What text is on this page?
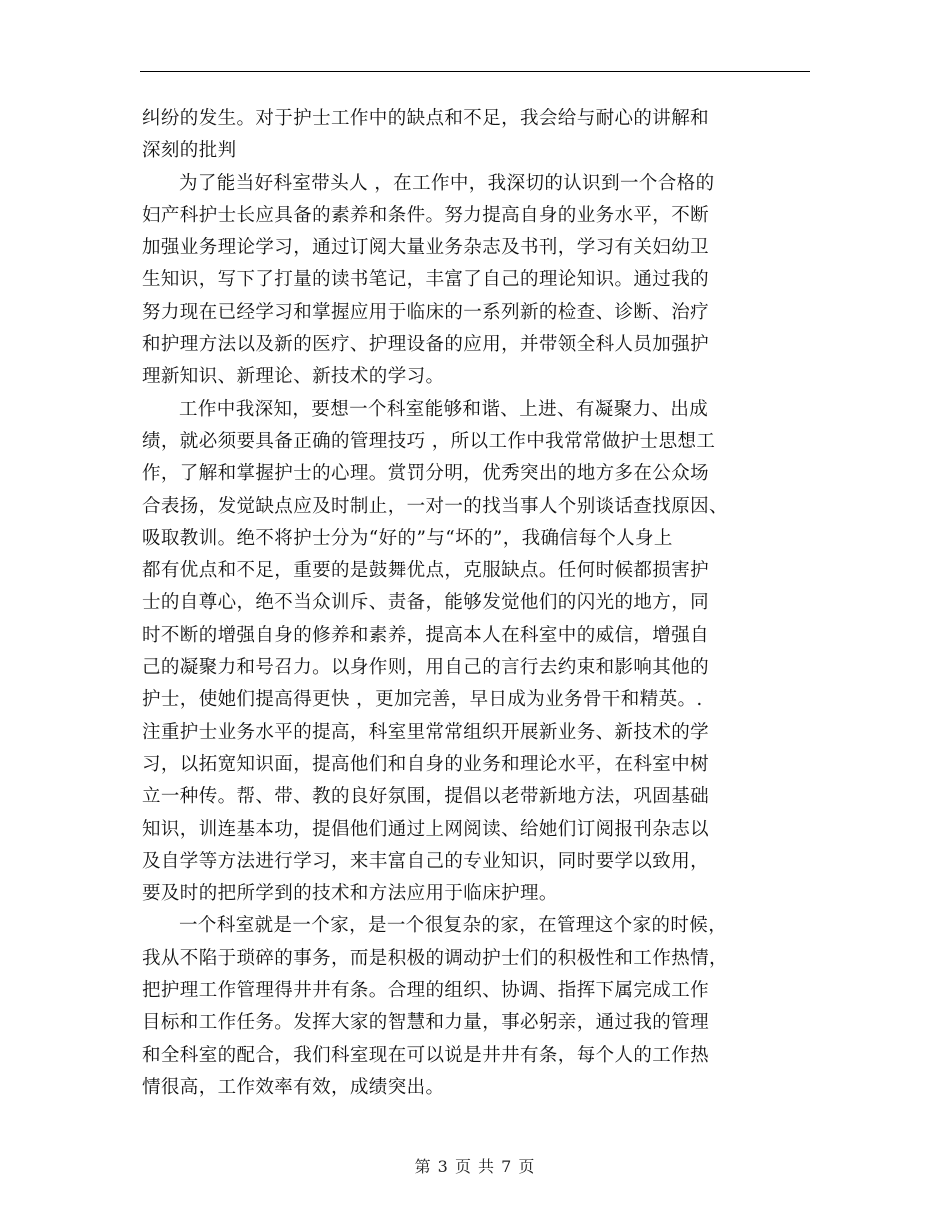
纠纷的发生。对于护士工作中的缺点和不足，我会给与耐心的讲解和
深刻的批判

为了能当好科室带头人 ，在工作中，我深切的认识到一个合格的
妇产科护士长应具备的素养和条件。努力提高自身的业务水平，不断
加强业务理论学习，通过订阅大量业务杂志及书刊，学习有关妇幼卫
生知识，写下了打量的读书笔记，丰富了自己的理论知识。通过我的
努力现在已经学习和掌握应用于临床的一系列新的检查、诊断、治疗
和护理方法以及新的医疗、护理设备的应用，并带领全科人员加强护
理新知识、新理论、新技术的学习。

工作中我深知，要想一个科室能够和谐、上进、有凝聚力、出成
绩，就必须要具备正确的管理技巧 ，所以工作中我常常做护士思想工
作，了解和掌握护士的心理。赏罚分明，优秀突出的地方多在公众场
合表扬，发觉缺点应及时制止，一对一的找当事人个别谈话查找原因、
吸取教训。绝不将护士分为“好的”与“坏的”，我确信每个人身上
都有优点和不足，重要的是鼓舞优点，克服缺点。任何时候都损害护
士的自尊心，绝不当众训斥、责备，能够发觉他们的闪光的地方，同
时不断的增强自身的修养和素养，提高本人在科室中的威信，增强自
己的凝聚力和号召力。以身作则，用自己的言行去约束和影响其他的
护士，使她们提高得更快 ，更加完善，早日成为业务骨干和精英。.
注重护士业务水平的提高，科室里常常组织开展新业务、新技术的学
习，以拓宽知识面，提高他们和自身的业务和理论水平，在科室中树
立一种传。帮、带、教的良好氛围，提倡以老带新地方法，巩固基础
知识，训连基本功，提倡他们通过上网阅读、给她们订阅报刊杂志以
及自学等方法进行学习，来丰富自己的专业知识，同时要学以致用，
要及时的把所学到的技术和方法应用于临床护理。

一个科室就是一个家，是一个很复杂的家，在管理这个家的时候，
我从不陷于琐碎的事务，而是积极的调动护士们的积极性和工作热情，
把护理工作管理得井井有条。合理的组织、协调、指挥下属完成工作
目标和工作任务。发挥大家的智慧和力量，事必躬亲，通过我的管理
和全科室的配合，我们科室现在可以说是井井有条，每个人的工作热
情很高，工作效率有效，成绩突出。

第 3 页 共 7 页
